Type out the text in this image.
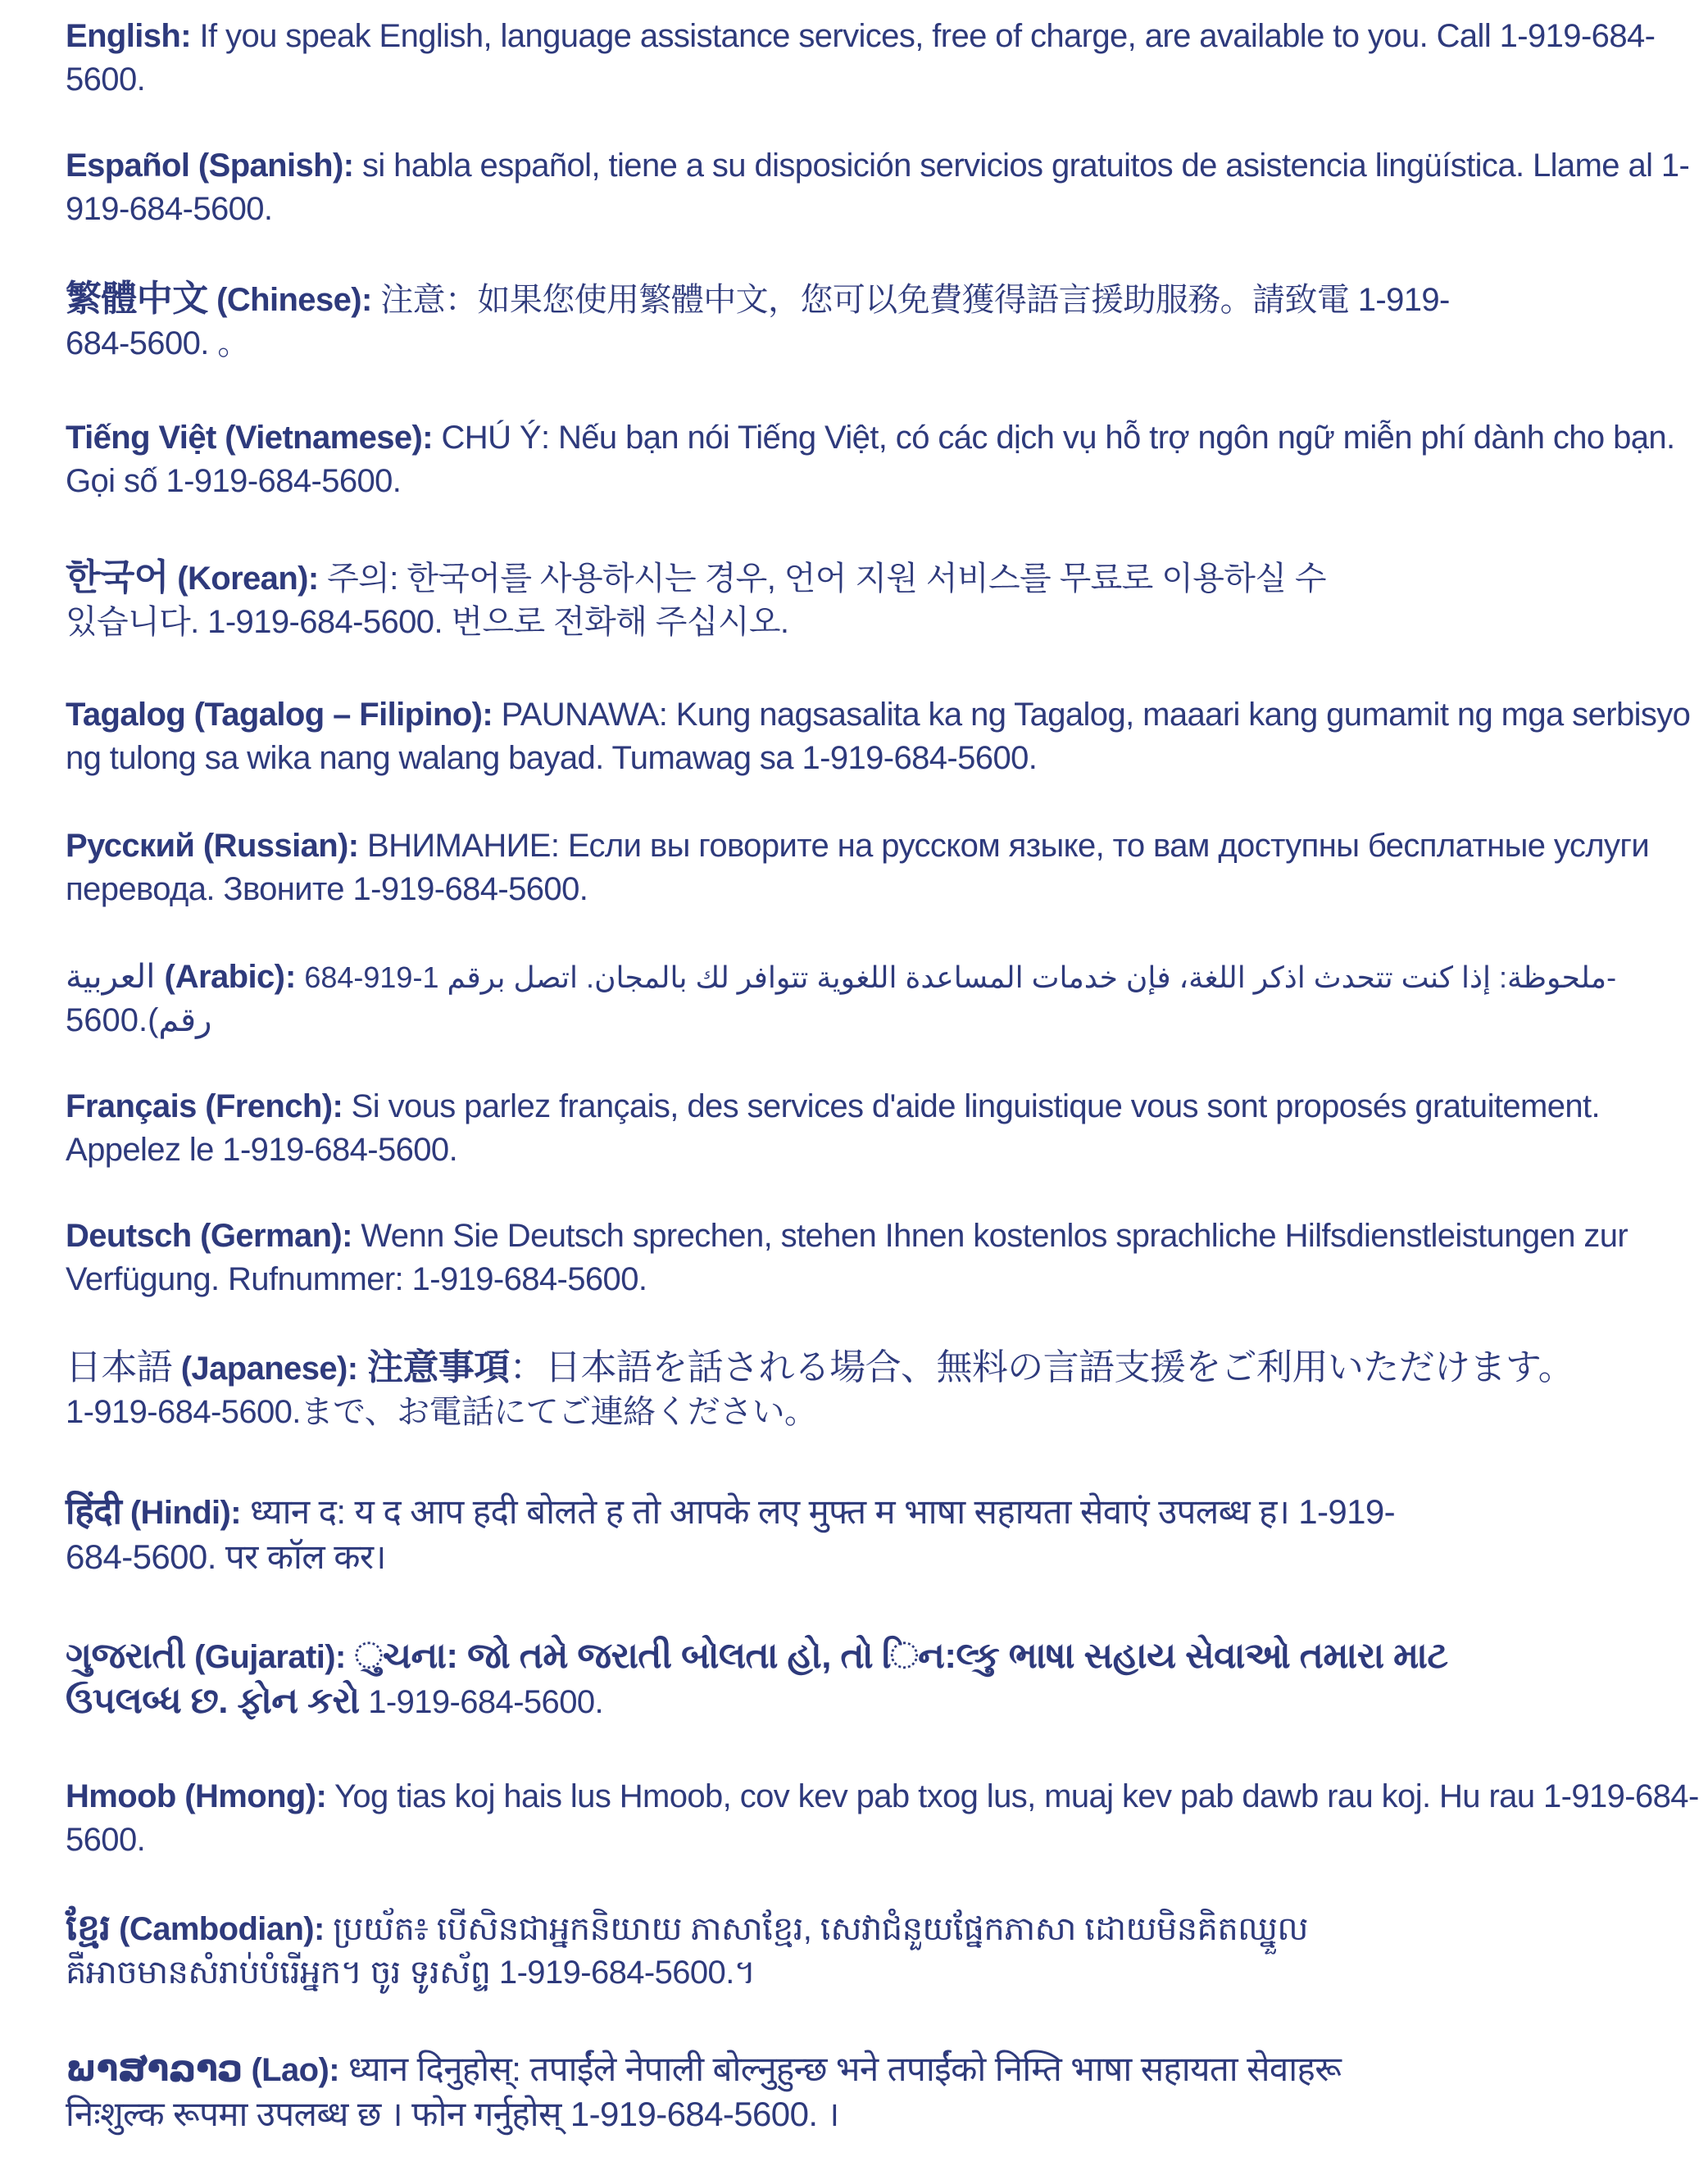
English: If you speak English, language assistance services, free of charge, are available to you. Call 1-919-684-
5600.

Español (Spanish): si habla español, tiene a su disposición servicios gratuitos de asistencia lingüística. Llame al 1-
919-684-5600.

繁體中文 (Chinese): 注意：如果您使用繁體中文，您可以免費獲得語言援助服務。請致電 1-919-
684-5600. 。

Tiếng Việt (Vietnamese): CHÚ Ý: Nếu bạn nói Tiếng Việt, có các dịch vụ hỗ trợ ngôn ngữ miễn phí dành cho bạn.
Gọi số 1-919-684-5600.

한국어 (Korean): 주의: 한국어를 사용하시는 경우, 언어 지원 서비스를 무료로 이용하실 수
있습니다. 1-919-684-5600. 번으로 전화해 주십시오.

Tagalog (Tagalog – Filipino): PAUNAWA: Kung nagsasalita ka ng Tagalog, maaari kang gumamit ng mga serbisyo
ng tulong sa wika nang walang bayad. Tumawag sa 1-919-684-5600.

Русский (Russian): ВНИМАНИЕ: Если вы говорите на русском языке, то вам доступны бесплатные услуги
перевода. Звоните 1-919-684-5600.

العربية (Arabic): ملحوظة: إذا كنت تتحدث اذكر اللغة، فإن خدمات المساعدة اللغوية تتوافر لك بالمجان. اتصل برقم 1-919-684-
5600.(رقم

Français (French): Si vous parlez français, des services d'aide linguistique vous sont proposés gratuitement.
Appelez le 1-919-684-5600.

Deutsch (German): Wenn Sie Deutsch sprechen, stehen Ihnen kostenlos sprachliche Hilfsdienstleistungen zur
Verfügung. Rufnummer: 1-919-684-5600.

日本語 (Japanese): 注意事項：日本語を話される場合、無料の言語支援をご利用いただけます。
1-919-684-5600.まで、お電話にてご連絡ください。

हिंदी (Hindi): ध्यान द: य द आप हदी बोलते ह तो आपके लए मुफ्त म भाषा सहायता सेवाएं उपलब्ध ह। 1-919-
684-5600. पर कॉल कर।

ગુજરાતી (Gujarati): ુચના: જો તમે જરાતી બોલતા હો, તો િન:લ્કુ ભાષા સહાય સેવાઓ તમારા માટ
ઉપલબ્ધ છ. ફોન કરો 1-919-684-5600.

Hmoob (Hmong): Yog tias koj hais lus Hmoob, cov kev pab txog lus, muaj kev pab dawb rau koj. Hu rau 1-919-684-
5600.

ខ្មែរ (Cambodian): ប្រយ័ត៖ បើសិនជាអ្នកនិយាយ ភាសាខ្មែរ, សេវាជំនួយផ្នែកភាសា ដោយមិនគិតឈ្នួល
គឺអាចមានសំរាប់បំរើអ្នក។ ចូរ ទូរស័ព្ទ 1-919-684-5600.។

ພາສາລາວ (Lao): ध्यान दिनुहोस्: तपाईंले नेपाली बोल्नुहुन्छ भने तपाईंको निम्ति भाषा सहायता सेवाहरू
निःशुल्क रूपमा उपलब्ध छ । फोन गर्नुहोस् 1-919-684-5600. ।
